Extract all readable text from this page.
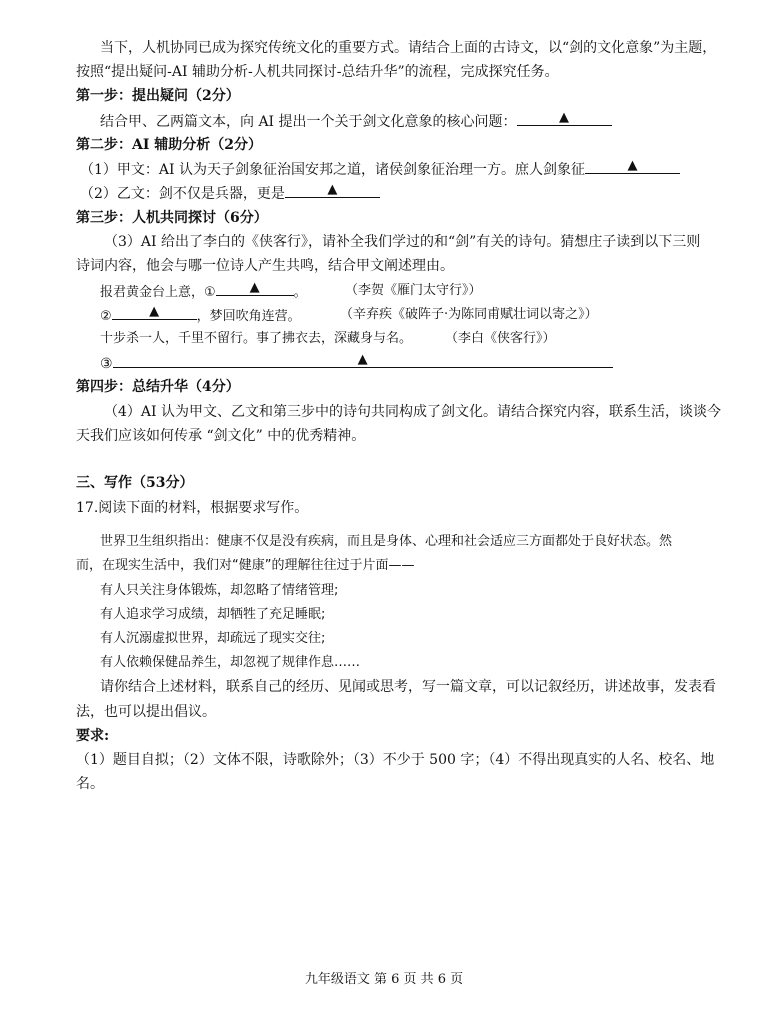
当下，人机协同已成为探究传统文化的重要方式。请结合上面的古诗文，以“剑的文化意象”为主题，
按照“提出疑问-AI 辅助分析-人机共同探讨-总结升华”的流程，完成探究任务。
第一步：提出疑问（2分）
结合甲、乙两篇文本，向 AI 提出一个关于剑文化意象的核心问题：	▲
第二步：AI 辅助分析（2分）
（1）甲文：AI 认为天子剑象征治国安邦之道，诸侯剑象征治理一方。庶人剑象征	▲
（2）乙文：剑不仅是兵器，更是	▲
第三步：人机共同探讨（6分）
（3）AI 给出了李白的《侠客行》，请补全我们学过的和“剑”有关的诗句。猜想庄子读到以下三则
诗词内容，他会与哪一位诗人产生共鸣，结合甲文阐述理由。
报君黄金台上意，①	▲	。	（李贺《雁门太守行》）
②	▲	，梦回吹角连营。	（辛弃疾《破阵子·为陈同甫赋壮词以寄之》）
十步杀一人，千里不留行。事了拂衣去，深藏身与名。	（李白《侠客行》）
③	▲
第四步：总结升华（4分）
（4）AI 认为甲文、乙文和第三步中的诗句共同构成了剑文化。请结合探究内容，联系生活，谈谈今
天我们应该如何传承 “剑文化” 中的优秀精神。
三、写作（53分）
17.阅读下面的材料，根据要求写作。
世界卫生组织指出：健康不仅是没有疾病，而且是身体、心理和社会适应三方面都处于良好状态。然
而，在现实生活中，我们对“健康”的理解往往过于片面——
有人只关注身体锻炼，却忽略了情绪管理;
有人追求学习成绩，却牺牲了充足睡眠;
有人沉溺虚拟世界，却疏远了现实交往;
有人依赖保健品养生，却忽视了规律作息……
请你结合上述材料，联系自己的经历、见闻或思考，写一篇文章，可以记叙经历，讲述故事，发表看
法，也可以提出倡议。
要求:
（1）题目自拟；（2）文体不限，诗歌除外；（3）不少于 500 字；（4）不得出现真实的人名、校名、地
名。
九年级语文 第 6 页 共 6 页
